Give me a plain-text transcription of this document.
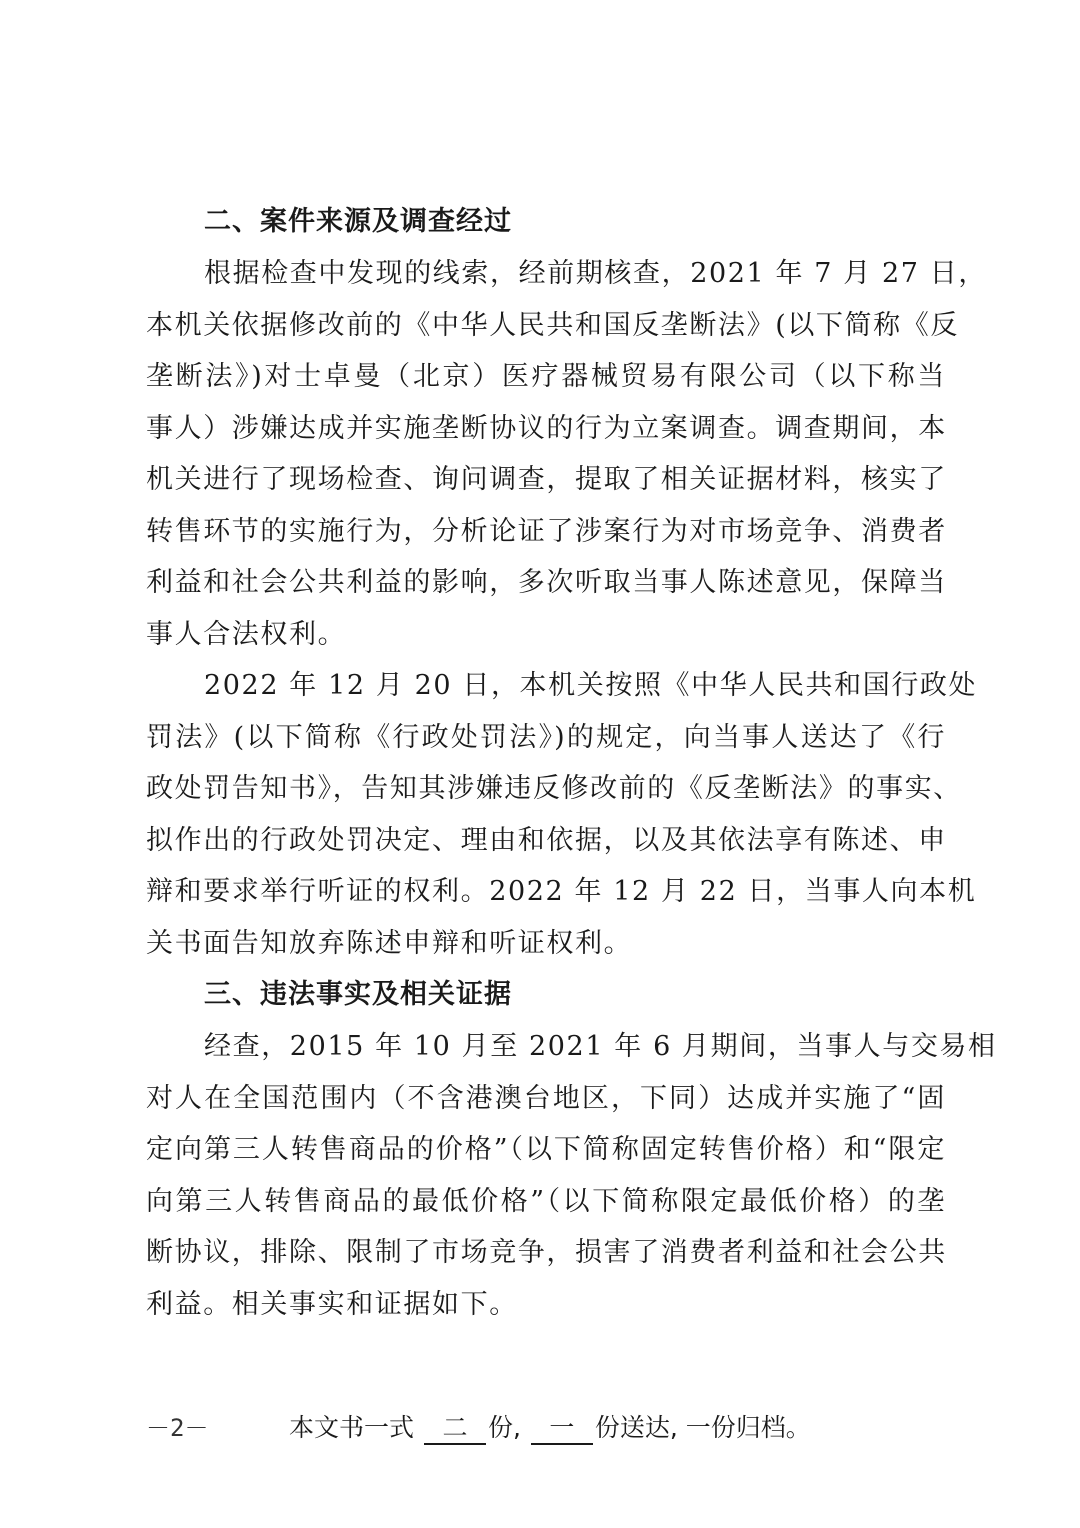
二、案件来源及调查经过
根据检查中发现的线索，经前期核查，2021 年 7 月 27 日，
本机关依据修改前的《中华人民共和国反垄断法》(以下简称《反
垄断法》)对士卓曼（北京）医疗器械贸易有限公司（以下称当
事人）涉嫌达成并实施垄断协议的行为立案调查。调查期间，本
机关进行了现场检查、询问调查，提取了相关证据材料，核实了
转售环节的实施行为，分析论证了涉案行为对市场竞争、消费者
利益和社会公共利益的影响，多次听取当事人陈述意见，保障当
事人合法权利。
2022 年 12 月 20 日，本机关按照《中华人民共和国行政处
罚法》(以下简称《行政处罚法》)的规定，向当事人送达了《行
政处罚告知书》，告知其涉嫌违反修改前的《反垄断法》的事实、
拟作出的行政处罚决定、理由和依据，以及其依法享有陈述、申
辩和要求举行听证的权利。2022 年 12 月 22 日，当事人向本机
关书面告知放弃陈述申辩和听证权利。
三、违法事实及相关证据
经查，2015 年 10 月至 2021 年 6 月期间，当事人与交易相
对人在全国范围内（不含港澳台地区，下同）达成并实施了“固
定向第三人转售商品的价格”（以下简称固定转售价格）和“限定
向第三人转售商品的最低价格”（以下简称限定最低价格）的垄
断协议，排除、限制了市场竞争，损害了消费者利益和社会公共
利益。相关事实和证据如下。
－2－	本文书一式 二 份, 一 份送达, 一份归档。
